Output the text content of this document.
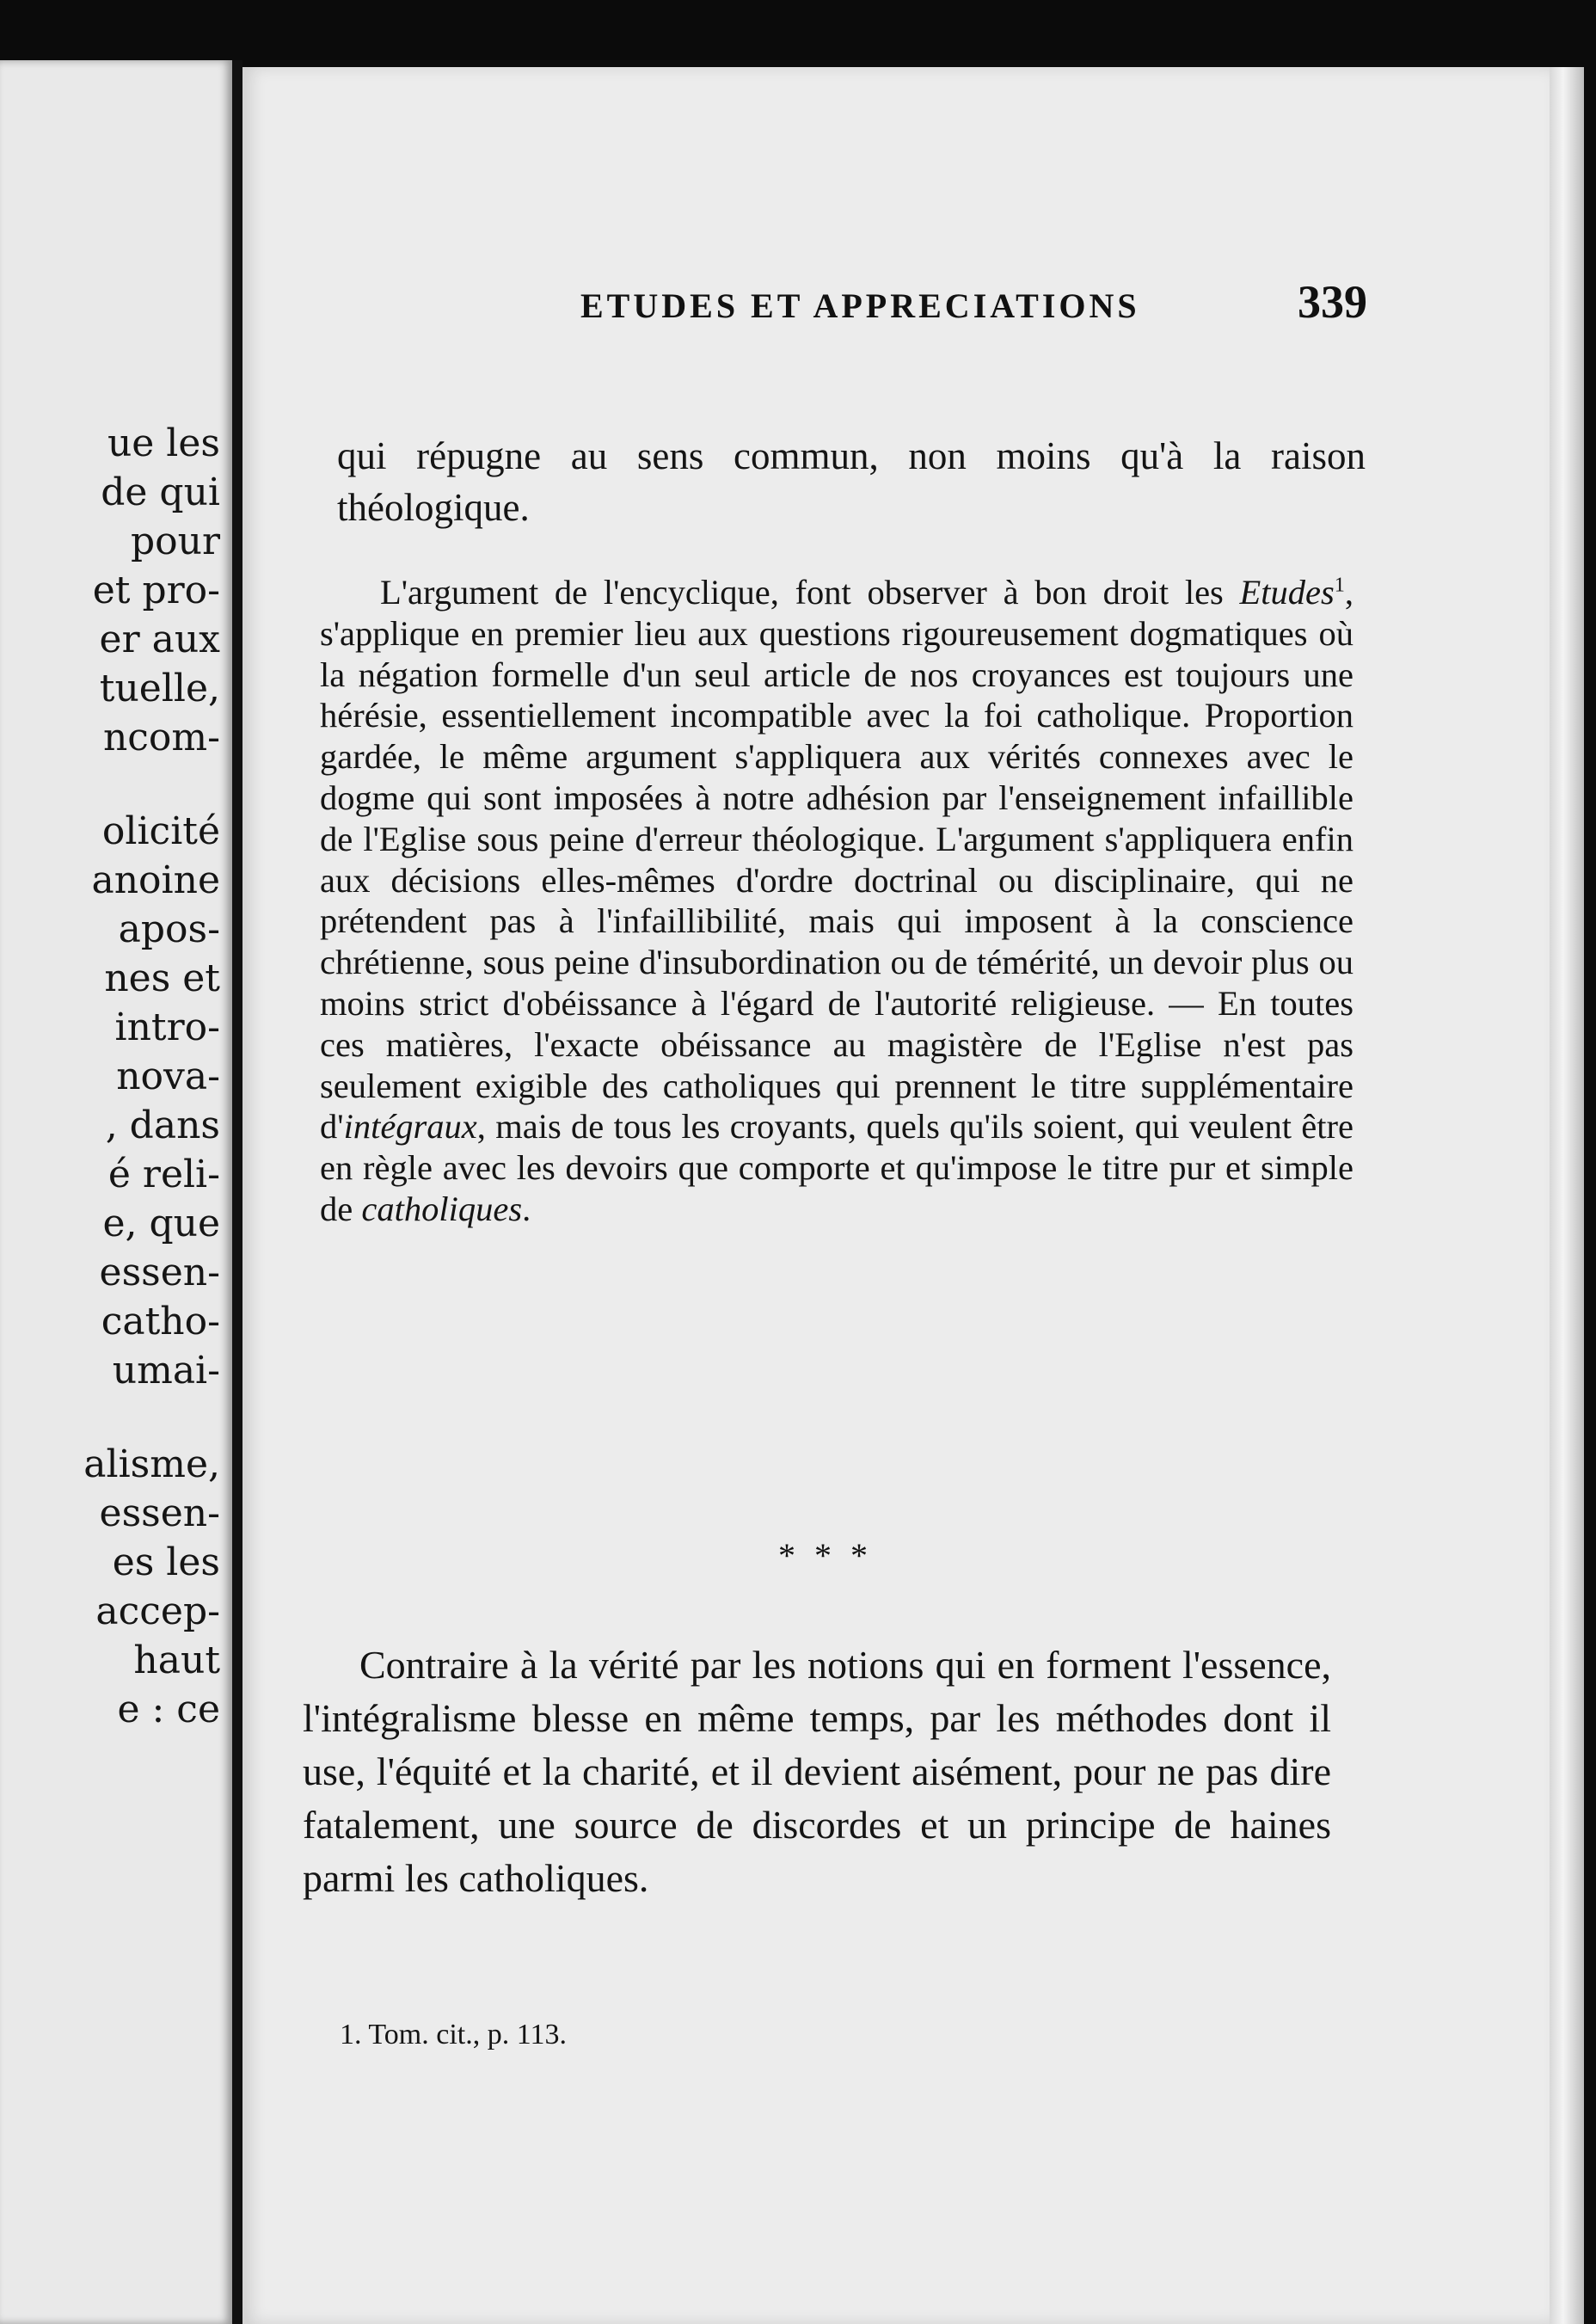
ue les
de qui
pour
et pro-
er aux
tuelle,
ncom-
olicité
anoine
apos-
nes et
intro-
nova-
, dans
é reli-
e, que
essen-
catho-
umai-
alisme,
essen-
es les
accep-
haut
e : ce
ETUDES ET APPRECIATIONS	339

qui répugne au sens commun, non moins qu'à la raison théologique.

L'argument de l'encyclique, font observer à bon droit les Etudes$^1$, s'applique en premier lieu aux questions rigoureusement dogmatiques où la négation formelle d'un seul article de nos croyances est toujours une hérésie, essentiellement incompatible avec la foi catholique. Proportion gardée, le même argument s'appliquera aux vérités connexes avec le dogme qui sont imposées à notre adhésion par l'enseignement infaillible de l'Eglise sous peine d'erreur théologique. L'argument s'appliquera enfin aux décisions elles-mêmes d'ordre doctrinal ou disciplinaire, qui ne prétendent pas à l'infaillibilité, mais qui imposent à la conscience chrétienne, sous peine d'insubordination ou de témérité, un devoir plus ou moins strict d'obéissance à l'égard de l'autorité religieuse. — En toutes ces matières, l'exacte obéissance au magistère de l'Eglise n'est pas seulement exigible des catholiques qui prennent le titre supplémentaire d'intégraux, mais de tous les croyants, quels qu'ils soient, qui veulent être en règle avec les devoirs que comporte et qu'impose le titre pur et simple de catholiques.

* * *

Contraire à la vérité par les notions qui en forment l'essence, l'intégralisme blesse en même temps, par les méthodes dont il use, l'équité et la charité, et il devient aisément, pour ne pas dire fatalement, une source de discordes et un principe de haines parmi les catholiques.

1. Tom. cit., p. 113.
